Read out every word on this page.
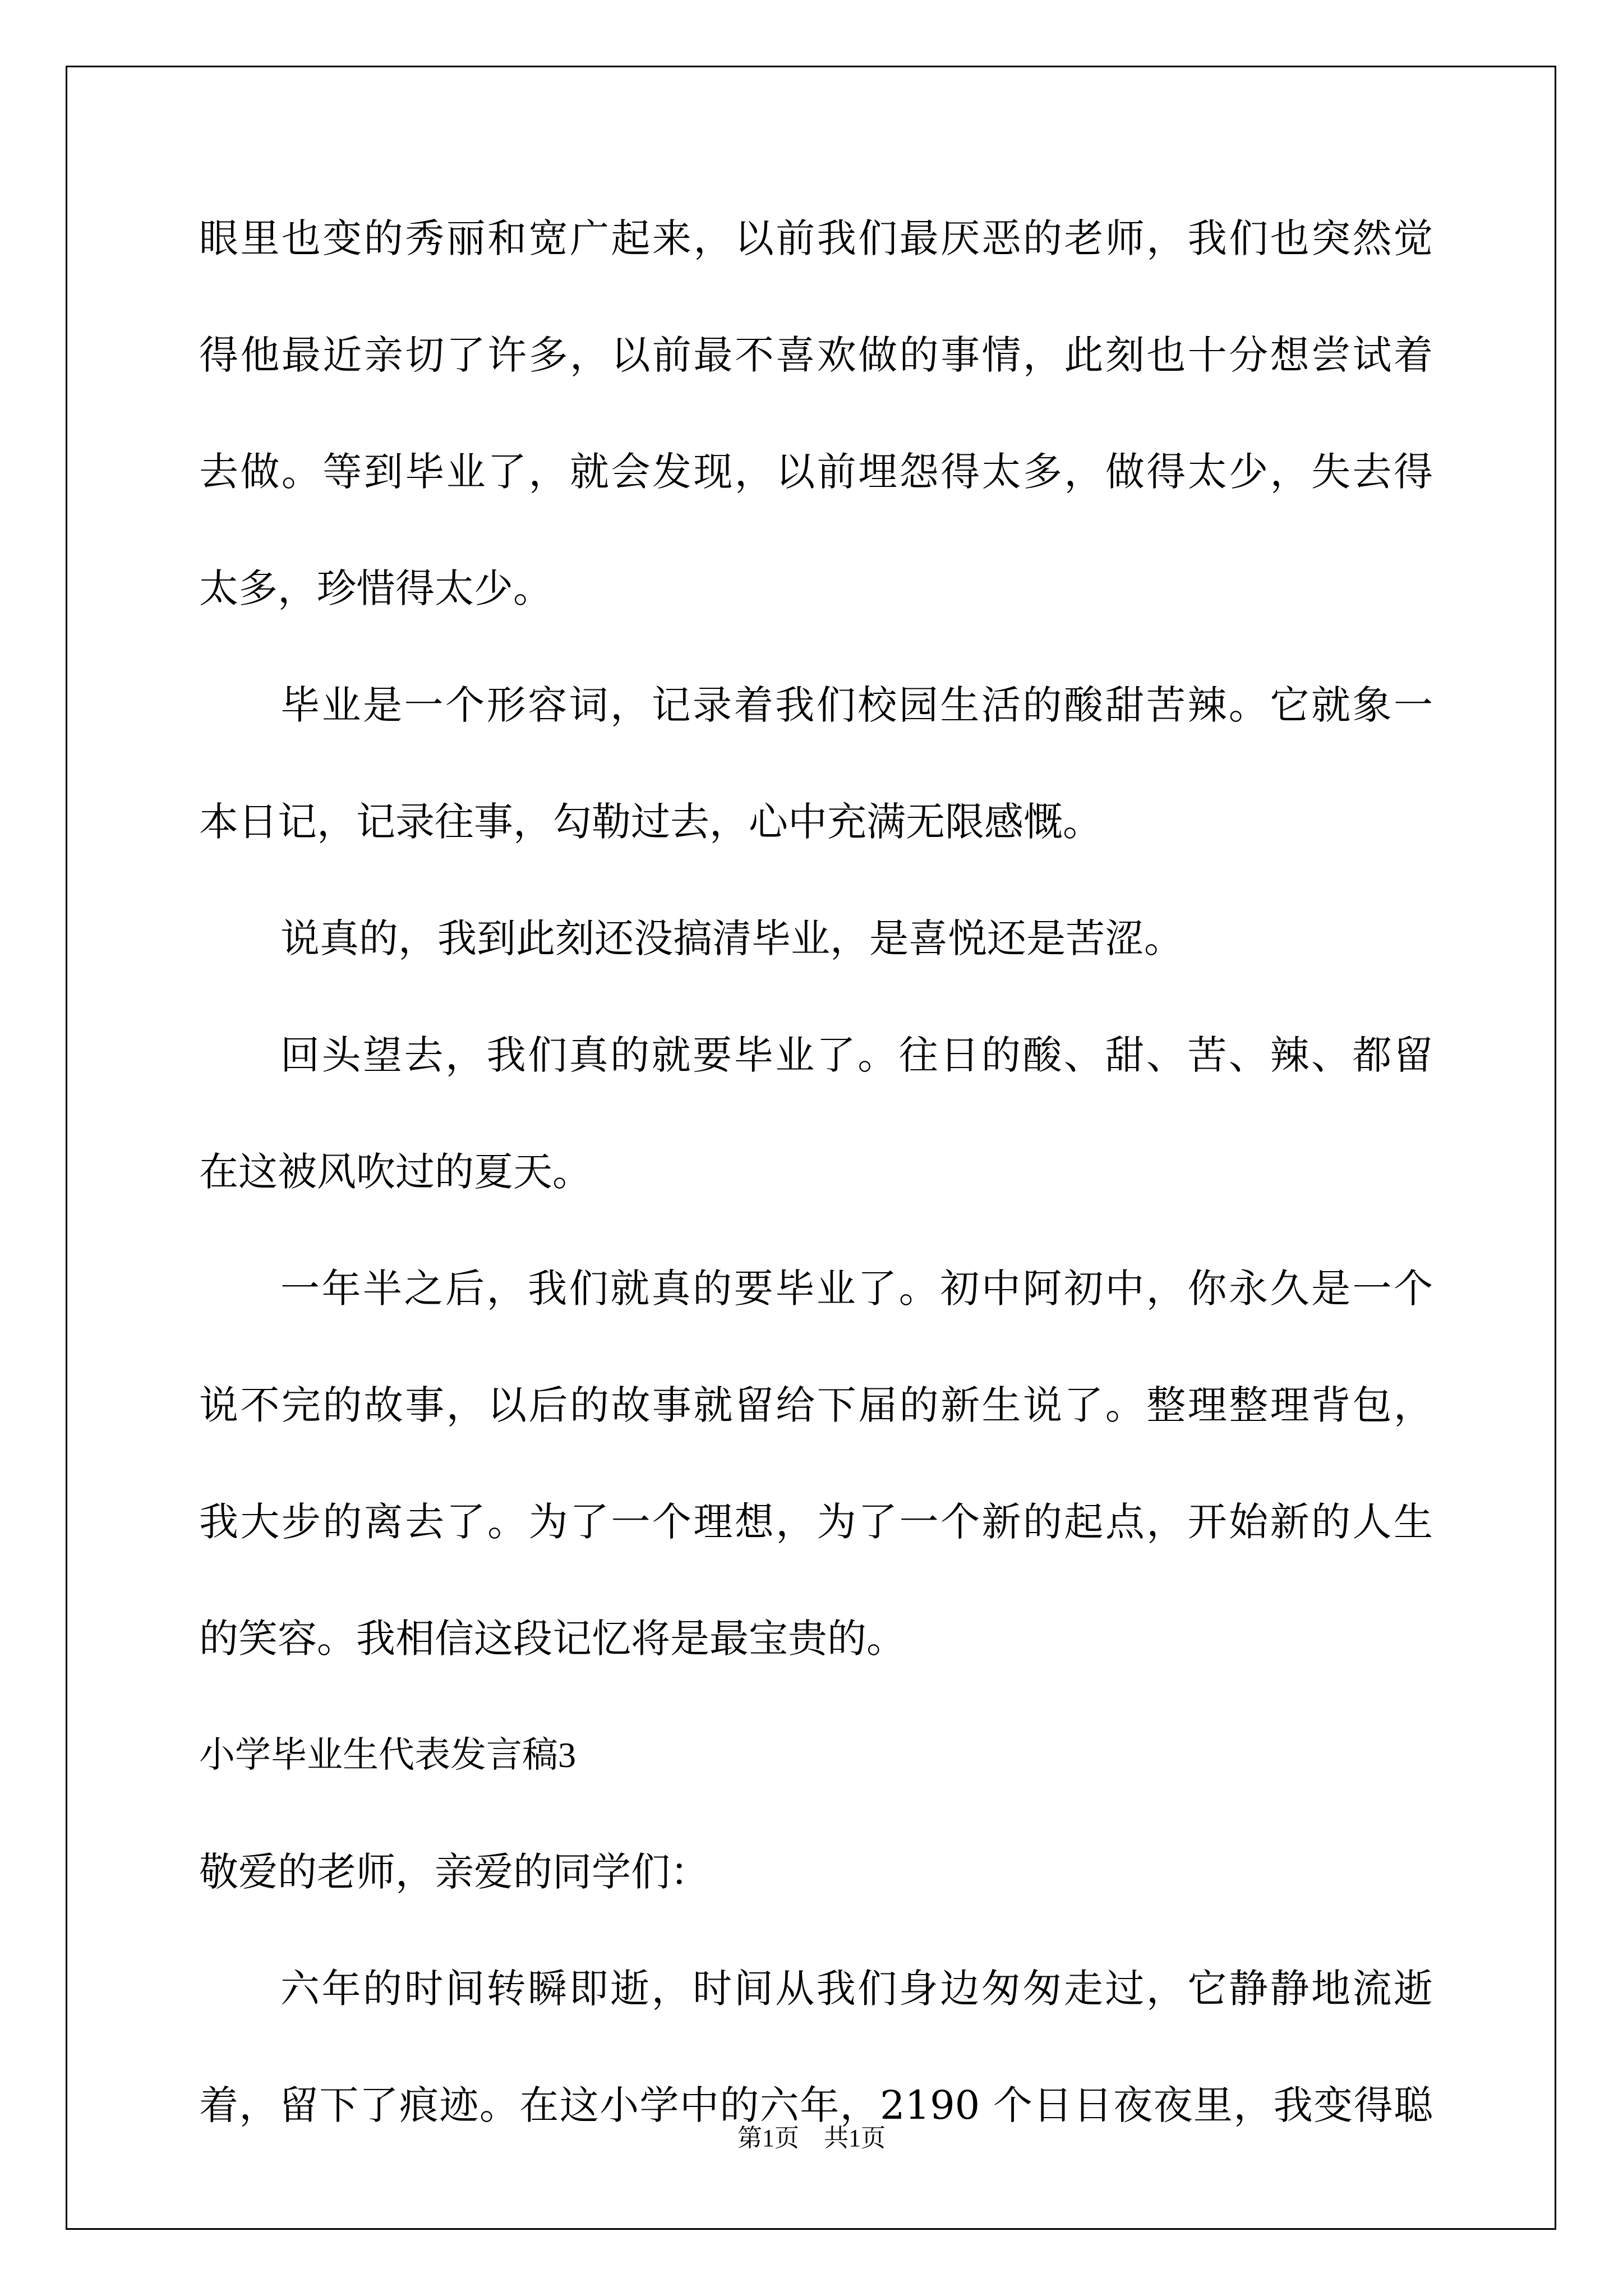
眼里也变的秀丽和宽广起来，以前我们最厌恶的老师，我们也突然觉
得他最近亲切了许多，以前最不喜欢做的事情，此刻也十分想尝试着
去做。等到毕业了，就会发现，以前埋怨得太多，做得太少，失去得
太多，珍惜得太少。
毕业是一个形容词，记录着我们校园生活的酸甜苦辣。它就象一
本日记，记录往事，勾勒过去，心中充满无限感慨。
说真的，我到此刻还没搞清毕业，是喜悦还是苦涩。
回头望去，我们真的就要毕业了。往日的酸、甜、苦、辣、都留
在这被风吹过的夏天。
一年半之后，我们就真的要毕业了。初中阿初中，你永久是一个
说不完的故事，以后的故事就留给下届的新生说了。整理整理背包，
我大步的离去了。为了一个理想，为了一个新的起点，开始新的人生
的笑容。我相信这段记忆将是最宝贵的。
小学毕业生代表发言稿3
敬爱的老师，亲爱的同学们：
六年的时间转瞬即逝，时间从我们身边匆匆走过，它静静地流逝
着，留下了痕迹。在这小学中的六年，2190 个日日夜夜里，我变得聪
第1页　共1页
